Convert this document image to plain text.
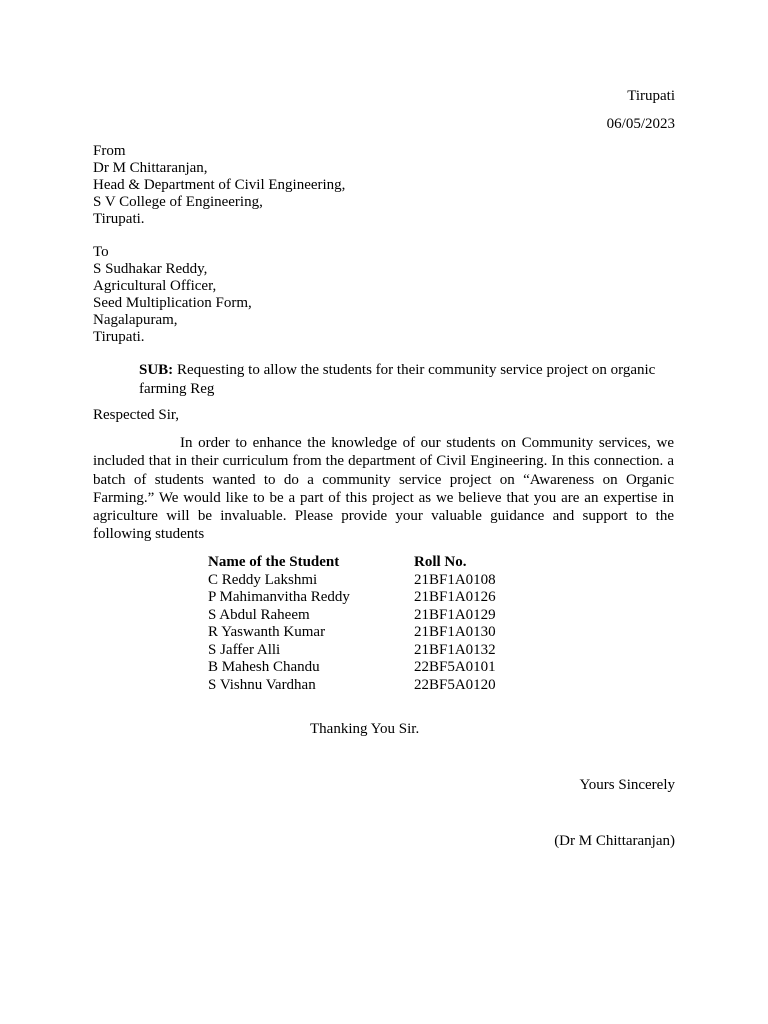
Tirupati
06/05/2023
From
Dr M Chittaranjan,
Head & Department of Civil Engineering,
S V College of Engineering,
Tirupati.
To
S Sudhakar Reddy,
Agricultural Officer,
Seed Multiplication Form,
Nagalapuram,
Tirupati.
SUB: Requesting to allow the students for their community service project on organic farming Reg
Respected Sir,
In order to enhance the knowledge of our students on Community services, we included that in their curriculum from the department of Civil Engineering. In this connection. a batch of students wanted to do a community service project on “Awareness on Organic Farming.” We would like to be a part of this project as we believe that you are an expertise in agriculture will be invaluable. Please provide your valuable guidance and support to the following students
Name of the Student	Roll No.
C Reddy Lakshmi	21BF1A0108
P Mahimanvitha Reddy	21BF1A0126
S Abdul Raheem	21BF1A0129
R Yaswanth Kumar	21BF1A0130
S Jaffer Alli	21BF1A0132
B Mahesh Chandu	22BF5A0101
S Vishnu Vardhan	22BF5A0120
Thanking You Sir.
Yours Sincerely
(Dr M Chittaranjan)
